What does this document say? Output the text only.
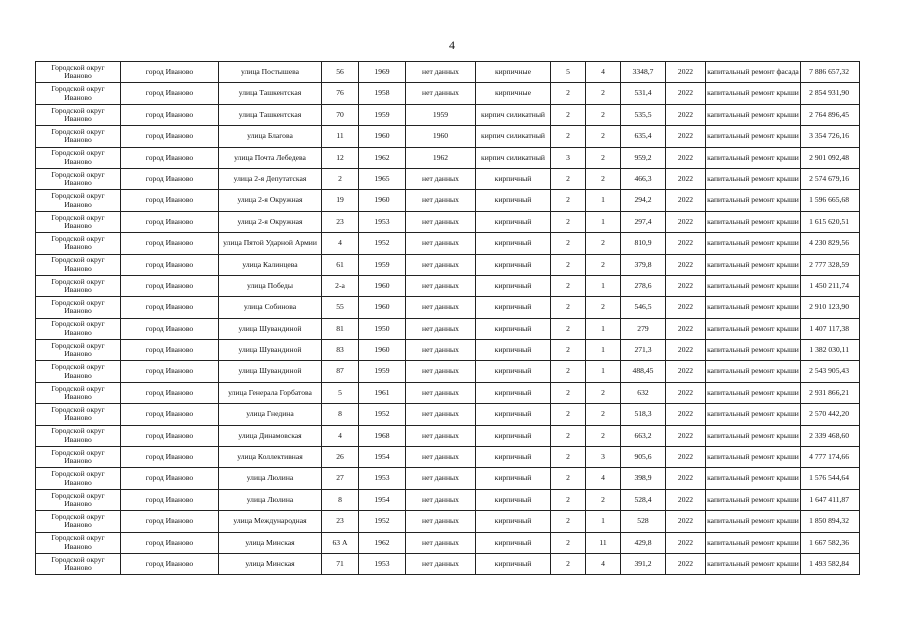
4
Городской округ Иваново	город Иваново	улица Постышева	56	1969	нет данных	кирпичные	5	4	3348,7	2022	капитальный ремонт фасада	7 886 657,32
Городской округ Иваново	город Иваново	улица Ташкентская	76	1958	нет данных	кирпичные	2	2	531,4	2022	капитальный ремонт крыши	2 854 931,90
Городской округ Иваново	город Иваново	улица Ташкентская	70	1959	1959	кирпич силикатный	2	2	535,5	2022	капитальный ремонт крыши	2 764 896,45
Городской округ Иваново	город Иваново	улица Благова	11	1960	1960	кирпич силикатный	2	2	635,4	2022	капитальный ремонт крыши	3 354 726,16
Городской округ Иваново	город Иваново	улица Почта Лебедева	12	1962	1962	кирпич силикатный	3	2	959,2	2022	капитальный ремонт крыши	2 901 092,48
Городской округ Иваново	город Иваново	улица 2-я Депутатская	2	1965	нет данных	кирпичный	2	2	466,3	2022	капитальный ремонт крыши	2 574 679,16
Городской округ Иваново	город Иваново	улица 2-я Окружная	19	1960	нет данных	кирпичный	2	1	294,2	2022	капитальный ремонт крыши	1 596 665,68
Городской округ Иваново	город Иваново	улица 2-я Окружная	23	1953	нет данных	кирпичный	2	1	297,4	2022	капитальный ремонт крыши	1 615 620,51
Городской округ Иваново	город Иваново	улица Пятой Ударной Армии	4	1952	нет данных	кирпичный	2	2	810,9	2022	капитальный ремонт крыши	4 230 829,56
Городской округ Иваново	город Иваново	улица Калинцева	61	1959	нет данных	кирпичный	2	2	379,8	2022	капитальный ремонт крыши	2 777 328,59
Городской округ Иваново	город Иваново	улица Победы	2-а	1960	нет данных	кирпичный	2	1	278,6	2022	капитальный ремонт крыши	1 450 211,74
Городской округ Иваново	город Иваново	улица Собинова	55	1960	нет данных	кирпичный	2	2	546,5	2022	капитальный ремонт крыши	2 910 123,90
Городской округ Иваново	город Иваново	улица Шувандиной	81	1950	нет данных	кирпичный	2	1	279	2022	капитальный ремонт крыши	1 407 117,38
Городской округ Иваново	город Иваново	улица Шувандиной	83	1960	нет данных	кирпичный	2	1	271,3	2022	капитальный ремонт крыши	1 382 030,11
Городской округ Иваново	город Иваново	улица Шувандиной	87	1959	нет данных	кирпичный	2	1	488,45	2022	капитальный ремонт крыши	2 543 905,43
Городской округ Иваново	город Иваново	улица Генерала Горбатова	5	1961	нет данных	кирпичный	2	2	632	2022	капитальный ремонт крыши	2 931 866,21
Городской округ Иваново	город Иваново	улица Гнедина	8	1952	нет данных	кирпичный	2	2	518,3	2022	капитальный ремонт крыши	2 570 442,20
Городской округ Иваново	город Иваново	улица Динамовская	4	1968	нет данных	кирпичный	2	2	663,2	2022	капитальный ремонт крыши	2 339 468,60
Городской округ Иваново	город Иваново	улица Коллективная	26	1954	нет данных	кирпичный	2	3	905,6	2022	капитальный ремонт крыши	4 777 174,66
Городской округ Иваново	город Иваново	улица Люлина	27	1953	нет данных	кирпичный	2	4	398,9	2022	капитальный ремонт крыши	1 576 544,64
Городской округ Иваново	город Иваново	улица Люлина	8	1954	нет данных	кирпичный	2	2	528,4	2022	капитальный ремонт крыши	1 647 411,87
Городской округ Иваново	город Иваново	улица Международная	23	1952	нет данных	кирпичный	2	1	528	2022	капитальный ремонт крыши	1 850 894,32
Городской округ Иваново	город Иваново	улица Минская	63 А	1962	нет данных	кирпичный	2	11	429,8	2022	капитальный ремонт крыши	1 667 582,36
Городской округ Иваново	город Иваново	улица Минская	71	1953	нет данных	кирпичный	2	4	391,2	2022	капитальный ремонт крыши	1 493 582,84
